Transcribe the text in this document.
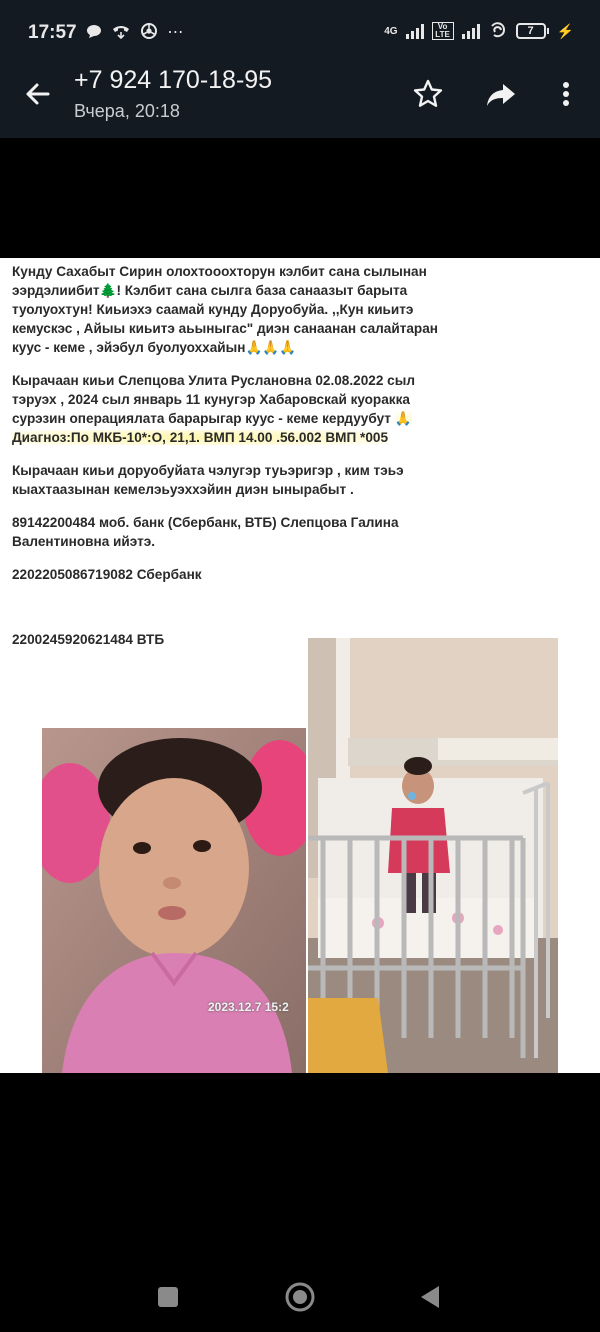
17:57	⋯	4G	Vo LTE	7	⚡
+7 924 170-18-95
Вчера, 20:18

Кунду Сахабыт Сирин олохтооохторун кэлбит сана сылынан ээрдэлиибит🌲! Кэлбит сана сылга база санаазыт барыта туолуохтун! Киьиэхэ саамай кунду Доруобуйа. ,,Кун киьитэ кемускэс , Айыы киьитэ аьыныгас" диэн санаанан салайтаран куус - кеме , эйэбул буолуоххайын🙏🙏🙏

Кырачаан киьи Слепцова Улита Руслановна 02.08.2022 сыл тэруэх , 2024 сыл январь 11 кунугэр Хабаровскай куоракка сурэзин операциялата барарыгар куус - кеме кердуубут 🙏Диагноз:По МКБ-10*:О, 21,1. ВМП 14.00 .56.002 ВМП *005

Кырачаан киьи доруобуйата чэлугэр туьэригэр , ким тэьэ кыахтаазынан кемелэьуэххэйин диэн ынырабыт .

89142200484 моб. банк (Сбербанк, ВТБ) Слепцова Галина Валентиновна ийэтэ.

2202205086719082 Сбербанк

2200245920621484 ВТБ

2023.12.7 15:2
